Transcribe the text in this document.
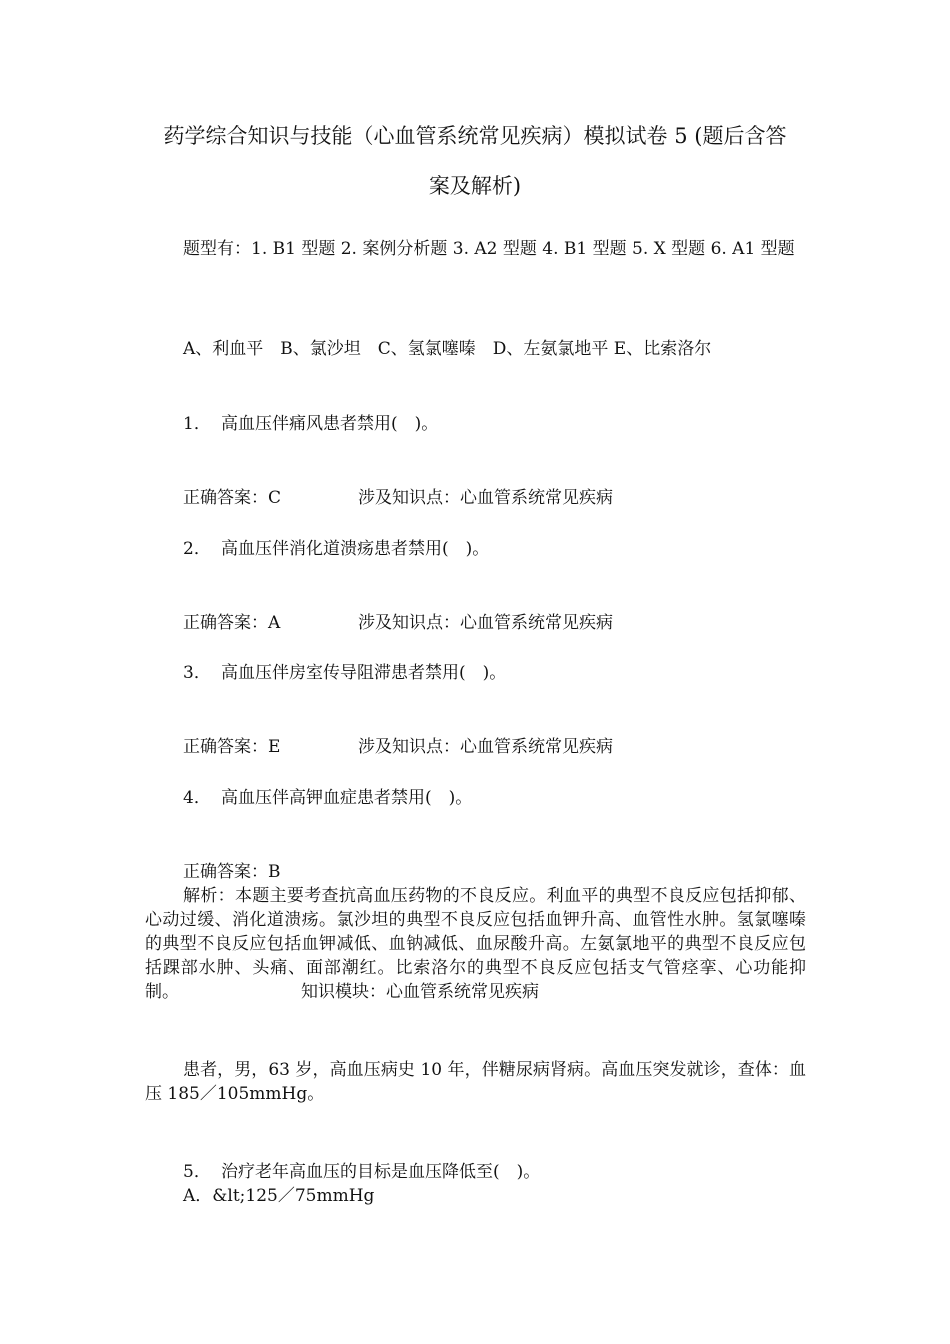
药学综合知识与技能（心血管系统常见疾病）模拟试卷 5 (题后含答
案及解析)
题型有：1. B1 型题 2. 案例分析题 3. A2 型题 4. B1 型题 5. X 型题 6. A1 型题
A、利血平　B、氯沙坦　C、氢氯噻嗪　D、左氨氯地平 E、比索洛尔
1． 高血压伴痛风患者禁用(　)。
正确答案：C	涉及知识点：心血管系统常见疾病
2． 高血压伴消化道溃疡患者禁用(　)。
正确答案：A	涉及知识点：心血管系统常见疾病
3． 高血压伴房室传导阻滞患者禁用(　)。
正确答案：E	涉及知识点：心血管系统常见疾病
4． 高血压伴高钾血症患者禁用(　)。
正确答案：B
解析：本题主要考查抗高血压药物的不良反应。利血平的典型不良反应包括抑郁、心动过缓、消化道溃疡。氯沙坦的典型不良反应包括血钾升高、血管性水肿。氢氯噻嗪的典型不良反应包括血钾减低、血钠减低、血尿酸升高。左氨氯地平的典型不良反应包括踝部水肿、头痛、面部潮红。比索洛尔的典型不良反应包括支气管痉挛、心功能抑制。	知识模块：心血管系统常见疾病
患者，男，63 岁，高血压病史 10 年，伴糖尿病肾病。高血压突发就诊，查体：血压 185／105mmHg。
5． 治疗老年高血压的目标是血压降低至(　)。
A．&lt;125／75mmHg
